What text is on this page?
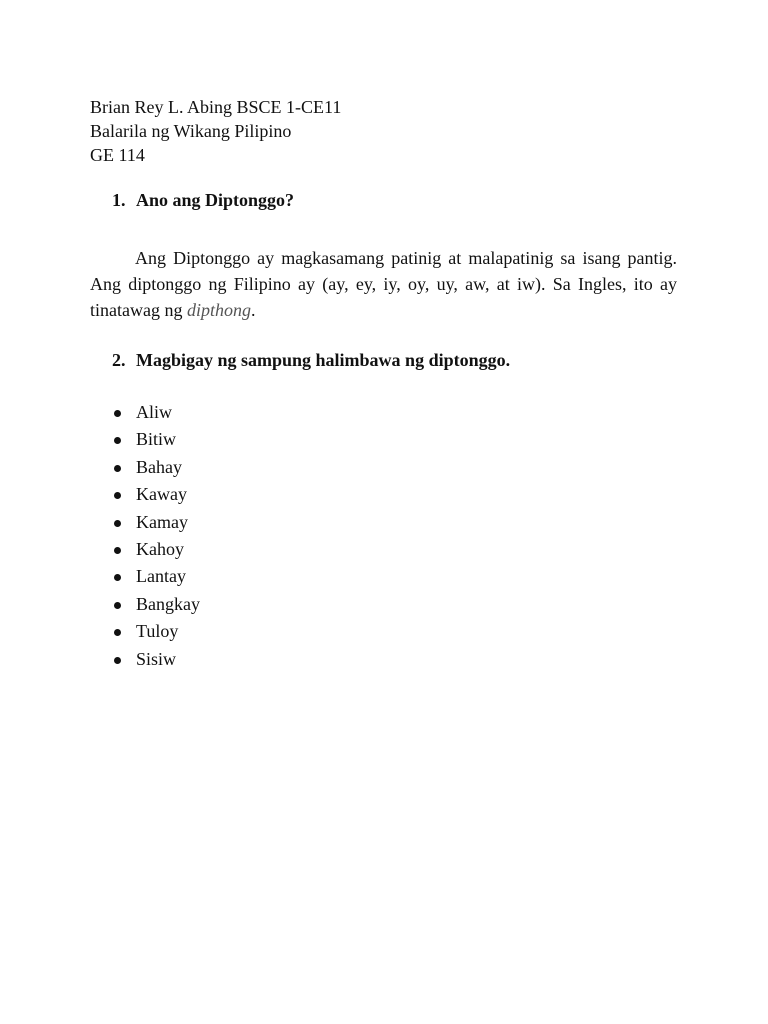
Brian Rey L. Abing BSCE 1-CE11
Balarila ng Wikang Pilipino
GE 114
1. Ano ang Diptonggo?

Ang Diptonggo ay magkasamang patinig at malapatinig sa isang pantig. Ang diptonggo ng Filipino ay (ay, ey, iy, oy, uy, aw, at iw). Sa Ingles, ito ay tinatawag ng dipthong.

2. Magbigay ng sampung halimbawa ng diptonggo.
Aliw
Bitiw
Bahay
Kaway
Kamay
Kahoy
Lantay
Bangkay
Tuloy
Sisiw
